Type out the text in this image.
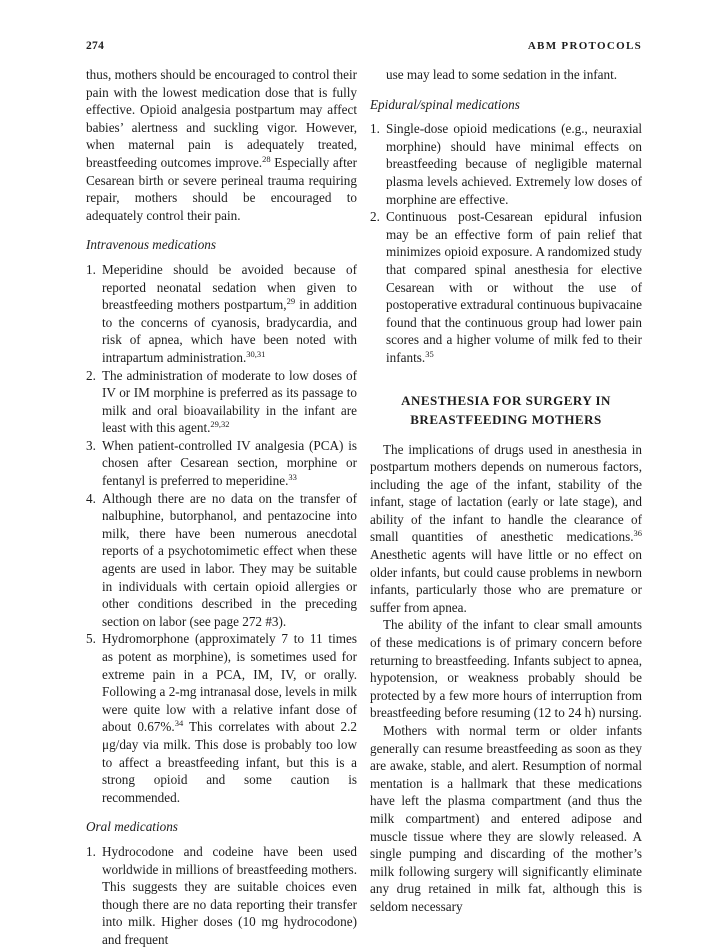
274	ABM PROTOCOLS

thus, mothers should be encouraged to control their pain with the lowest medication dose that is fully effective. Opioid analgesia postpartum may affect babies’ alertness and suckling vigor. However, when maternal pain is adequately treated, breastfeeding outcomes improve.$^{28}$ Especially after Cesarean birth or severe perineal trauma requiring repair, mothers should be encouraged to adequately control their pain.

Intravenous medications
1. Meperidine should be avoided because of reported neonatal sedation when given to breastfeeding mothers postpartum,$^{29}$ in addition to the concerns of cyanosis, bradycardia, and risk of apnea, which have been noted with intrapartum administration.$^{30,31}$
2. The administration of moderate to low doses of IV or IM morphine is preferred as its passage to milk and oral bioavailability in the infant are least with this agent.$^{29,32}$
3. When patient-controlled IV analgesia (PCA) is chosen after Cesarean section, morphine or fentanyl is preferred to meperidine.$^{33}$
4. Although there are no data on the transfer of nalbuphine, butorphanol, and pentazocine into milk, there have been numerous anecdotal reports of a psychotomimetic effect when these agents are used in labor. They may be suitable in individuals with certain opioid allergies or other conditions described in the preceding section on labor (see page 272 #3).
5. Hydromorphone (approximately 7 to 11 times as potent as morphine), is sometimes used for extreme pain in a PCA, IM, IV, or orally. Following a 2-mg intranasal dose, levels in milk were quite low with a relative infant dose of about 0.67%.$^{34}$ This correlates with about 2.2 μg/day via milk. This dose is probably too low to affect a breastfeeding infant, but this is a strong opioid and some caution is recommended.
Oral medications
1. Hydrocodone and codeine have been used worldwide in millions of breastfeeding mothers. This suggests they are suitable choices even though there are no data reporting their transfer into milk. Higher doses (10 mg hydrocodone) and frequent

use may lead to some sedation in the infant.

Epidural/spinal medications
1. Single-dose opioid medications (e.g., neuraxial morphine) should have minimal effects on breastfeeding because of negligible maternal plasma levels achieved. Extremely low doses of morphine are effective.
2. Continuous post-Cesarean epidural infusion may be an effective form of pain relief that minimizes opioid exposure. A randomized study that compared spinal anesthesia for elective Cesarean with or without the use of postoperative extradural continuous bupivacaine found that the continuous group had lower pain scores and a higher volume of milk fed to their infants.$^{35}$
ANESTHESIA FOR SURGERY IN
BREASTFEEDING MOTHERS

The implications of drugs used in anesthesia in postpartum mothers depends on numerous factors, including the age of the infant, stability of the infant, stage of lactation (early or late stage), and ability of the infant to handle the clearance of small quantities of anesthetic medications.$^{36}$ Anesthetic agents will have little or no effect on older infants, but could cause problems in newborn infants, particularly those who are premature or suffer from apnea.

The ability of the infant to clear small amounts of these medications is of primary concern before returning to breastfeeding. Infants subject to apnea, hypotension, or weakness probably should be protected by a few more hours of interruption from breastfeeding before resuming (12 to 24 h) nursing.

Mothers with normal term or older infants generally can resume breastfeeding as soon as they are awake, stable, and alert. Resumption of normal mentation is a hallmark that these medications have left the plasma compartment (and thus the milk compartment) and entered adipose and muscle tissue where they are slowly released. A single pumping and discarding of the mother’s milk following surgery will significantly eliminate any drug retained in milk fat, although this is seldom necessary
